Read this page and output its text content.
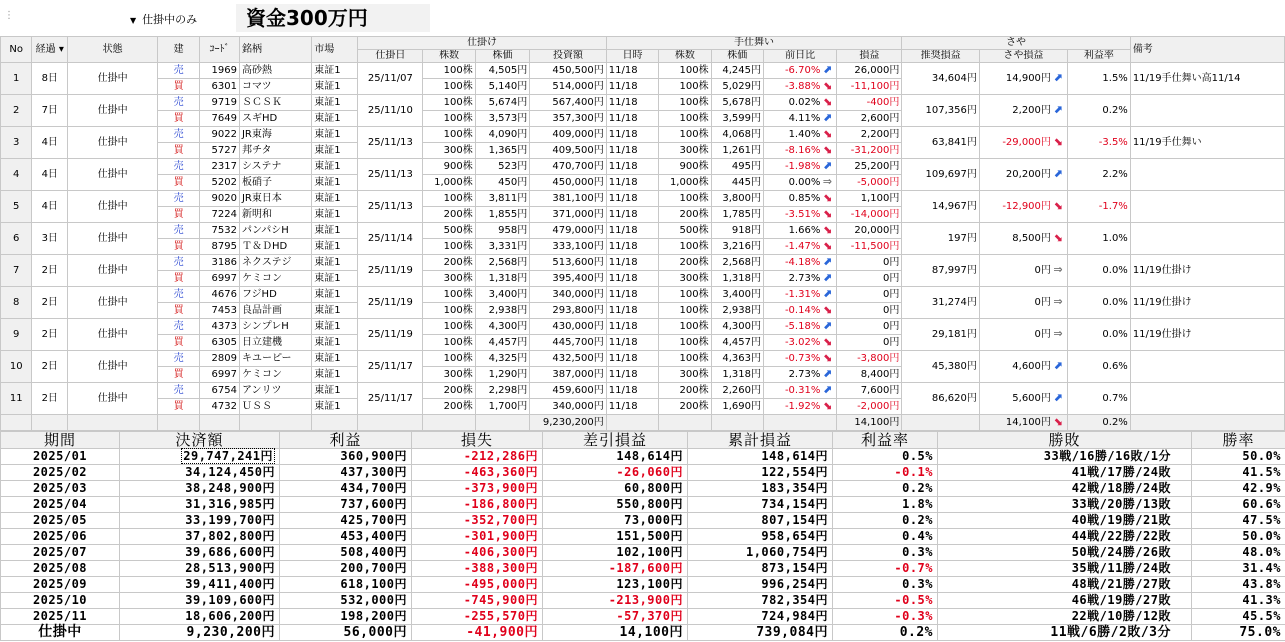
⋮	▼ 仕掛中のみ	資金300万円
No	経過 ▾	状態	建	ｺｰﾄﾞ	銘柄	市場	仕掛け				手仕舞い					さや			備考
							仕掛日	株数	株価	投資額	日時	株数	株価	前日比	損益	推奨損益	さや損益	利益率	
1	8日	仕掛中	売	1969	高砂熱	東証1	25/11/07	100株	4,505円	450,500円	11/18	100株	4,245円	-6.70% ⬈	26,000円	34,604円	14,900円 ⬈	1.5%	11/19手仕舞い高11/14
			買	6301	コマツ	東証1		100株	5,140円	514,000円	11/18	100株	5,029円	-3.88% ⬊	-11,100円				
2	7日	仕掛中	売	9719	ＳＣＳＫ	東証1	25/11/10	100株	5,674円	567,400円	11/18	100株	5,678円	0.02% ⬊	-400円	107,356円	2,200円 ⬈	0.2%	
			買	7649	スギHD	東証1		100株	3,573円	357,300円	11/18	100株	3,599円	4.11% ⬈	2,600円				
3	4日	仕掛中	売	9022	JR東海	東証1	25/11/13	100株	4,090円	409,000円	11/18	100株	4,068円	1.40% ⬊	2,200円	63,841円	-29,000円 ⬊	-3.5%	11/19手仕舞い
			買	5727	邦チタ	東証1		300株	1,365円	409,500円	11/18	300株	1,261円	-8.16% ⬊	-31,200円				
4	4日	仕掛中	売	2317	システナ	東証1	25/11/13	900株	523円	470,700円	11/18	900株	495円	-1.98% ⬈	25,200円	109,697円	20,200円 ⬈	2.2%	
			買	5202	板硝子	東証1		1,000株	450円	450,000円	11/18	1,000株	445円	0.00% ⇒	-5,000円				
5	4日	仕掛中	売	9020	JR東日本	東証1	25/11/13	100株	3,811円	381,100円	11/18	100株	3,800円	0.85% ⬊	1,100円	14,967円	-12,900円 ⬊	-1.7%	
			買	7224	新明和	東証1		200株	1,855円	371,000円	11/18	200株	1,785円	-3.51% ⬊	-14,000円				
6	3日	仕掛中	売	7532	パンパシH	東証1	25/11/14	500株	958円	479,000円	11/18	500株	918円	1.66% ⬊	20,000円	197円	8,500円 ⬊	1.0%	
			買	8795	Ｔ＆ＤHD	東証1		100株	3,331円	333,100円	11/18	100株	3,216円	-1.47% ⬊	-11,500円				
7	2日	仕掛中	売	3186	ネクステジ	東証1	25/11/19	200株	2,568円	513,600円	11/18	200株	2,568円	-4.18% ⬈	0円	87,997円	0円 ⇒	0.0%	11/19仕掛け
			買	6997	ケミコン	東証1		300株	1,318円	395,400円	11/18	300株	1,318円	2.73% ⬈	0円				
8	2日	仕掛中	売	4676	フジHD	東証1	25/11/19	100株	3,400円	340,000円	11/18	100株	3,400円	-1.31% ⬈	0円	31,274円	0円 ⇒	0.0%	11/19仕掛け
			買	7453	良品計画	東証1		100株	2,938円	293,800円	11/18	100株	2,938円	-0.14% ⬊	0円				
9	2日	仕掛中	売	4373	シンプレH	東証1	25/11/19	100株	4,300円	430,000円	11/18	100株	4,300円	-5.18% ⬈	0円	29,181円	0円 ⇒	0.0%	11/19仕掛け
			買	6305	日立建機	東証1		100株	4,457円	445,700円	11/18	100株	4,457円	-3.02% ⬊	0円				
10	2日	仕掛中	売	2809	キユーピー	東証1	25/11/17	100株	4,325円	432,500円	11/18	100株	4,363円	-0.73% ⬊	-3,800円	45,380円	4,600円 ⬈	0.6%	
			買	6997	ケミコン	東証1		300株	1,290円	387,000円	11/18	300株	1,318円	2.73% ⬈	8,400円				
11	2日	仕掛中	売	6754	アンリツ	東証1	25/11/17	200株	2,298円	459,600円	11/18	200株	2,260円	-0.31% ⬈	7,600円	86,620円	5,600円 ⬈	0.7%	
			買	4732	ＵＳＳ	東証1		200株	1,700円	340,000円	11/18	200株	1,690円	-1.92% ⬊	-2,000円				
										9,230,200円					14,100円		14,100円 ⬊	0.2%	
期間	決済額	利益	損失	差引損益	累計損益	利益率	勝敗	勝率
2025/01	29,747,241円	360,900円	-212,286円	148,614円	148,614円	0.5%	33戦/16勝/16敗/1分	50.0%
2025/02	34,124,450円	437,300円	-463,360円	-26,060円	122,554円	-0.1%	41戦/17勝/24敗	41.5%
2025/03	38,248,900円	434,700円	-373,900円	60,800円	183,354円	0.2%	42戦/18勝/24敗	42.9%
2025/04	31,316,985円	737,600円	-186,800円	550,800円	734,154円	1.8%	33戦/20勝/13敗	60.6%
2025/05	33,199,700円	425,700円	-352,700円	73,000円	807,154円	0.2%	40戦/19勝/21敗	47.5%
2025/06	37,802,800円	453,400円	-301,900円	151,500円	958,654円	0.4%	44戦/22勝/22敗	50.0%
2025/07	39,686,600円	508,400円	-406,300円	102,100円	1,060,754円	0.3%	50戦/24勝/26敗	48.0%
2025/08	28,513,900円	200,700円	-388,300円	-187,600円	873,154円	-0.7%	35戦/11勝/24敗	31.4%
2025/09	39,411,400円	618,100円	-495,000円	123,100円	996,254円	0.3%	48戦/21勝/27敗	43.8%
2025/10	39,109,600円	532,000円	-745,900円	-213,900円	782,354円	-0.5%	46戦/19勝/27敗	41.3%
2025/11	18,606,200円	198,200円	-255,570円	-57,370円	724,984円	-0.3%	22戦/10勝/12敗	45.5%
仕掛中	9,230,200円	56,000円	-41,900円	14,100円	739,084円	0.2%	11戦/6勝/2敗/3分	75.0%
